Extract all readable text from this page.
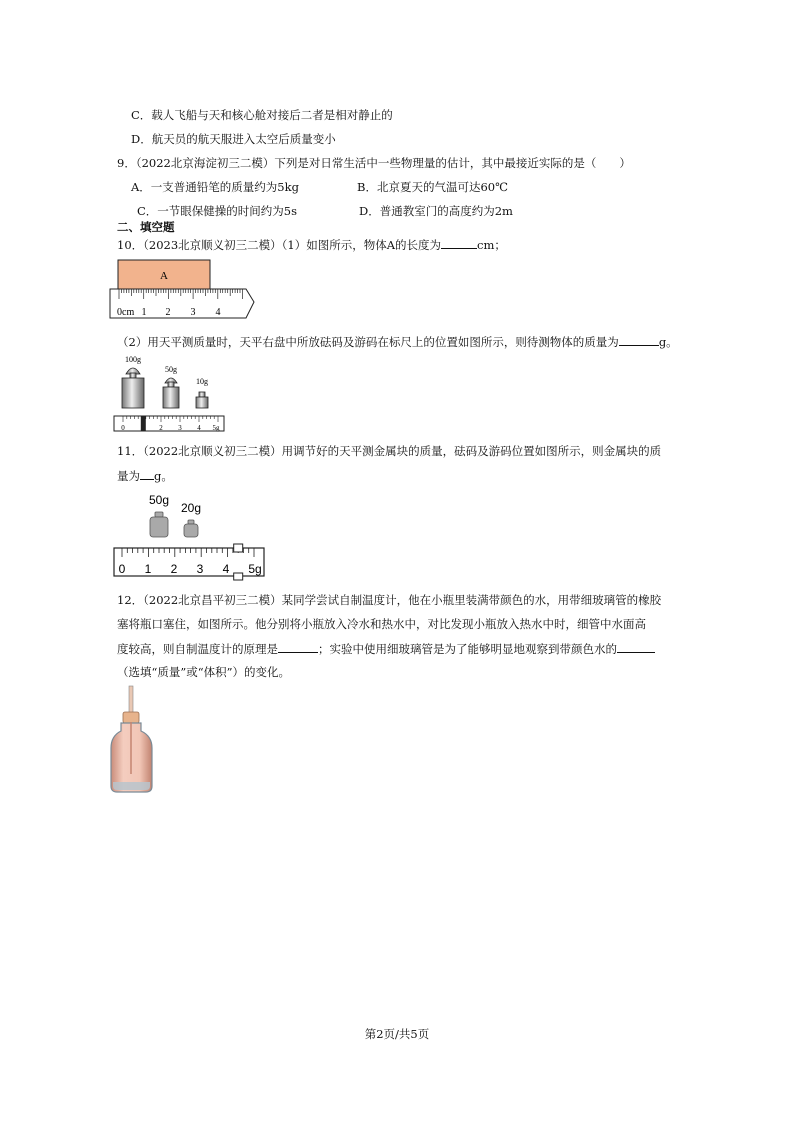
C．载人飞船与天和核心舱对接后二者是相对静止的
D．航天员的航天服进入太空后质量变小
9．（2022北京海淀初三二模）下列是对日常生活中一些物理量的估计，其中最接近实际的是（　　）
A．一支普通铅笔的质量约为5kg	B．北京夏天的气温可达60℃
C．一节眼保健操的时间约为5s	D．普通教室门的高度约为2m
二、填空题
10．（2023北京顺义初三二模）（1）如图所示，物体A的长度为	cm；
A
0cm 1 2 3 4
（2）用天平测质量时，天平右盘中所放砝码及游码在标尺上的位置如图所示，则待测物体的质量为	g。
100g
50g
10g
0	2 3 4 5g
11．（2022北京顺义初三二模）用调节好的天平测金属块的质量，砝码及游码位置如图所示，则金属块的质
量为 g。
50g
20g
0 1 2 3 4 5g
12．（2022北京昌平初三二模）某同学尝试自制温度计，他在小瓶里装满带颜色的水，用带细玻璃管的橡胶
塞将瓶口塞住，如图所示。他分别将小瓶放入冷水和热水中，对比发现小瓶放入热水中时，细管中水面高
度较高，则自制温度计的原理是	；实验中使用细玻璃管是为了能够明显地观察到带颜色水的
（选填“质量”或“体积”）的变化。
第2页/共5页
